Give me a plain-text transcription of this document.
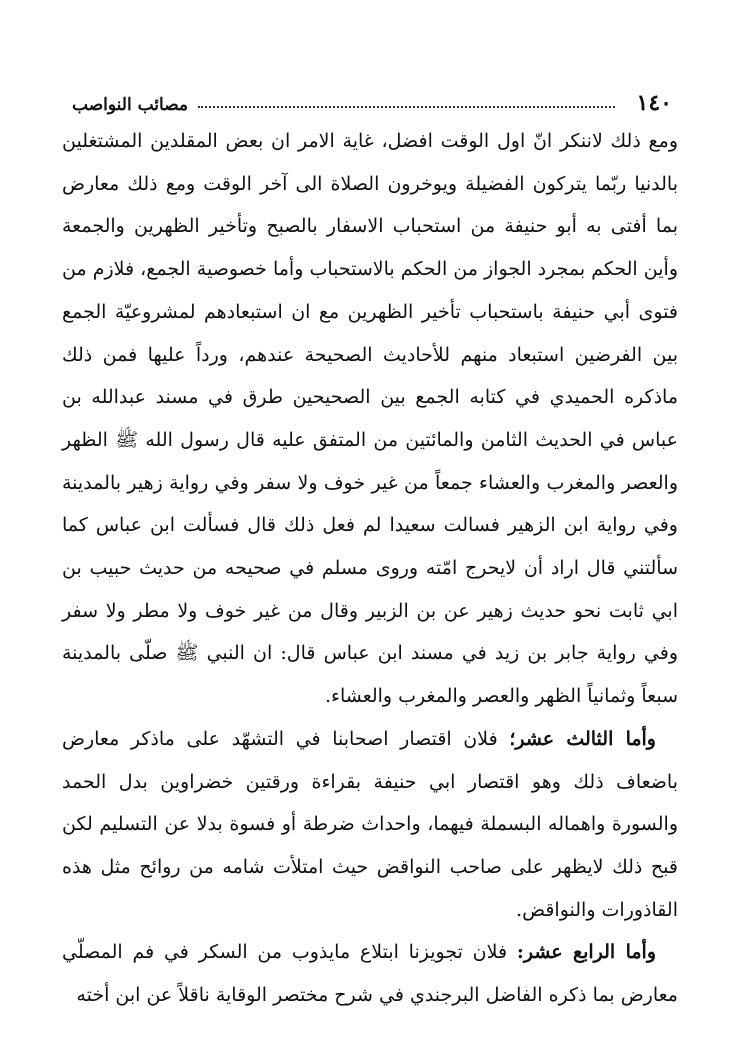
١٤٠
مصائب النواصب

ومع ذلك لاننكر انّ اول الوقت افضل، غاية الامر ان بعض المقلدين المشتغلين بالدنيا ربّما يتركون الفضيلة ويوخرون الصلاة الى آخر الوقت ومع ذلك معارض بما أفتى به أبو حنيفة من استحباب الاسفار بالصبح وتأخير الظهرين والجمعة وأين الحكم بمجرد الجواز من الحكم بالاستحباب وأما خصوصية الجمع، فلازم من فتوى أبي حنيفة باستحباب تأخير الظهرين مع ان استبعادهم لمشروعيّة الجمع بين الفرضين استبعاد منهم للأحاديث الصحيحة عندهم، ورداً عليها فمن ذلك ماذكره الحميدي في كتابه الجمع بين الصحيحين طرق في مسند عبدالله بن عباس في الحديث الثامن والمائتين من المتفق عليه قال رسول الله ﷺ الظهر والعصر والمغرب والعشاء جمعاً من غير خوف ولا سفر وفي رواية زهير بالمدينة وفي رواية ابن الزهير فسالت سعيدا لم فعل ذلك قال فسألت ابن عباس كما سألتني قال اراد أن لايحرج امّته وروى مسلم في صحيحه من حديث حبيب بن ابي ثابت نحو حديث زهير عن بن الزبير وقال من غير خوف ولا مطر ولا سفر وفي رواية جابر بن زيد في مسند ابن عباس قال: ان النبي ﷺ صلّى بالمدينة سبعاً وثمانياً الظهر والعصر والمغرب والعشاء.

وأما الثالث عشر؛ فلان اقتصار اصحابنا في التشهّد على ماذكر معارض باضعاف ذلك وهو اقتصار ابي حنيفة بقراءة ورقتين خضراوين بدل الحمد والسورة واهماله البسملة فيهما، واحداث ضرطة أو فسوة بدلا عن التسليم لكن قبح ذلك لايظهر على صاحب النواقض حيث امتلأت شامه من روائح مثل هذه القاذورات والنواقض.

وأما الرابع عشر: فلان تجويزنا ابتلاع مايذوب من السكر في فم المصلّي معارض بما ذكره الفاضل البرجندي في شرح مختصر الوقاية ناقلاً عن ابن أخته
